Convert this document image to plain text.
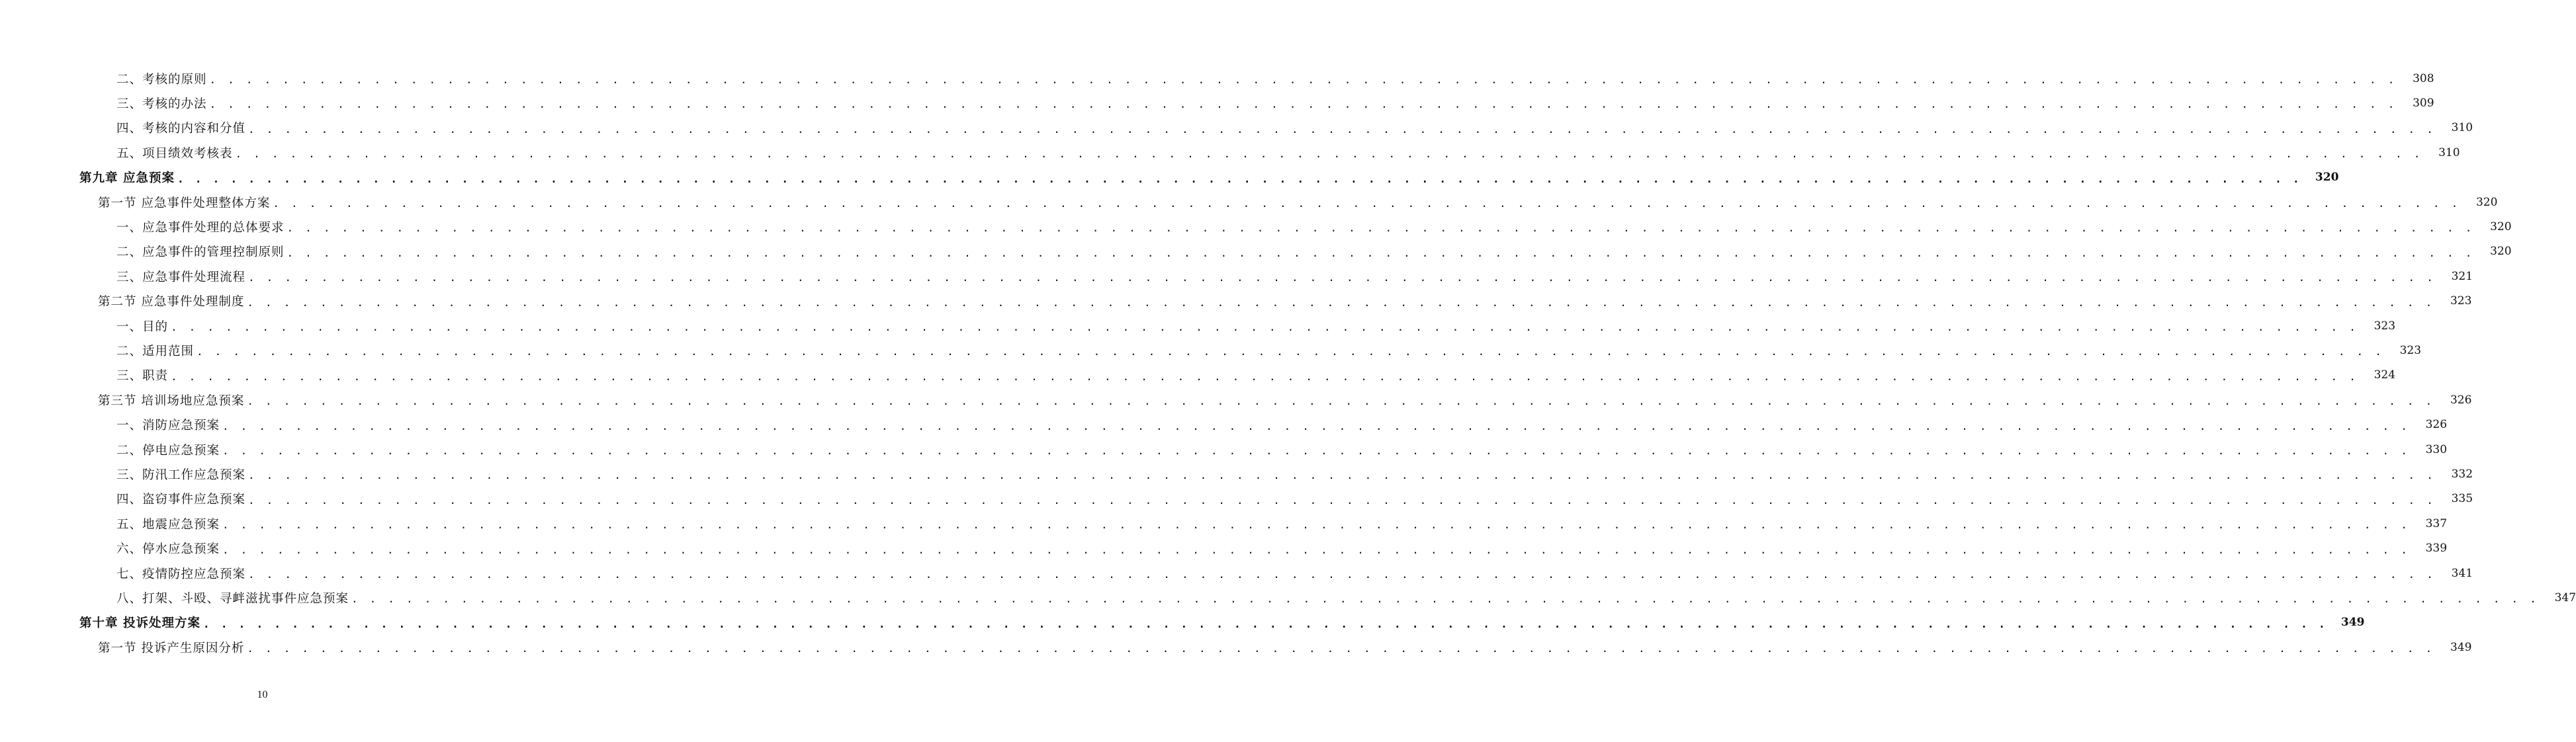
二、考核的原则 . . . . . . . . . . . . . . . . . . . . . . . . . . . . . . . . . . . . . . . . . . . . . . . . . . . . . . . . . . . . . . . . . . . . . . . . . . . . . . . . . . . . . . . . . . . . . . . . . . . . . . . . . . . . . . . . . . . . . . . .	308
三、考核的办法 . . . . . . . . . . . . . . . . . . . . . . . . . . . . . . . . . . . . . . . . . . . . . . . . . . . . . . . . . . . . . . . . . . . . . . . . . . . . . . . . . . . . . . . . . . . . . . . . . . . . . . . . . . . . . . . . . . . . . . . .	309
四、考核的内容和分值 . . . . . . . . . . . . . . . . . . . . . . . . . . . . . . . . . . . . . . . . . . . . . . . . . . . . . . . . . . . . . . . . . . . . . . . . . . . . . . . . . . . . . . . . . . . . . . . . . . . . . . . . . . . . . . . . . . . . . . . .	310
五、项目绩效考核表 . . . . . . . . . . . . . . . . . . . . . . . . . . . . . . . . . . . . . . . . . . . . . . . . . . . . . . . . . . . . . . . . . . . . . . . . . . . . . . . . . . . . . . . . . . . . . . . . . . . . . . . . . . . . . . . . . . . . . . . .	310
第九章 应急预案 . . . . . . . . . . . . . . . . . . . . . . . . . . . . . . . . . . . . . . . . . . . . . . . . . . . . . . . . . . . . . . . . . . . . . . . . . . . . . . . . . . . . . . . . . . . . . . . . . . . . . . . . . . . . . . . . . . . . . . . .	320
第一节 应急事件处理整体方案 . . . . . . . . . . . . . . . . . . . . . . . . . . . . . . . . . . . . . . . . . . . . . . . . . . . . . . . . . . . . . . . . . . . . . . . . . . . . . . . . . . . . . . . . . . . . . . . . . . . . . . . . . . . . . . . . . . . . . . . .	320
一、应急事件处理的总体要求 . . . . . . . . . . . . . . . . . . . . . . . . . . . . . . . . . . . . . . . . . . . . . . . . . . . . . . . . . . . . . . . . . . . . . . . . . . . . . . . . . . . . . . . . . . . . . . . . . . . . . . . . . . . . . . . . . . . . . . . .	320
二、应急事件的管理控制原则 . . . . . . . . . . . . . . . . . . . . . . . . . . . . . . . . . . . . . . . . . . . . . . . . . . . . . . . . . . . . . . . . . . . . . . . . . . . . . . . . . . . . . . . . . . . . . . . . . . . . . . . . . . . . . . . . . . . . . . . .	320
三、应急事件处理流程 . . . . . . . . . . . . . . . . . . . . . . . . . . . . . . . . . . . . . . . . . . . . . . . . . . . . . . . . . . . . . . . . . . . . . . . . . . . . . . . . . . . . . . . . . . . . . . . . . . . . . . . . . . . . . . . . . . . . . . . .	321
第二节 应急事件处理制度 . . . . . . . . . . . . . . . . . . . . . . . . . . . . . . . . . . . . . . . . . . . . . . . . . . . . . . . . . . . . . . . . . . . . . . . . . . . . . . . . . . . . . . . . . . . . . . . . . . . . . . . . . . . . . . . . . . . . . . . .	323
一、目的 . . . . . . . . . . . . . . . . . . . . . . . . . . . . . . . . . . . . . . . . . . . . . . . . . . . . . . . . . . . . . . . . . . . . . . . . . . . . . . . . . . . . . . . . . . . . . . . . . . . . . . . . . . . . . . . . . . . . . . . .	323
二、适用范围 . . . . . . . . . . . . . . . . . . . . . . . . . . . . . . . . . . . . . . . . . . . . . . . . . . . . . . . . . . . . . . . . . . . . . . . . . . . . . . . . . . . . . . . . . . . . . . . . . . . . . . . . . . . . . . . . . . . . . . . .	323
三、职责 . . . . . . . . . . . . . . . . . . . . . . . . . . . . . . . . . . . . . . . . . . . . . . . . . . . . . . . . . . . . . . . . . . . . . . . . . . . . . . . . . . . . . . . . . . . . . . . . . . . . . . . . . . . . . . . . . . . . . . . .	324
第三节 培训场地应急预案 . . . . . . . . . . . . . . . . . . . . . . . . . . . . . . . . . . . . . . . . . . . . . . . . . . . . . . . . . . . . . . . . . . . . . . . . . . . . . . . . . . . . . . . . . . . . . . . . . . . . . . . . . . . . . . . . . . . . . . . .	326
一、消防应急预案 . . . . . . . . . . . . . . . . . . . . . . . . . . . . . . . . . . . . . . . . . . . . . . . . . . . . . . . . . . . . . . . . . . . . . . . . . . . . . . . . . . . . . . . . . . . . . . . . . . . . . . . . . . . . . . . . . . . . . . . .	326
二、停电应急预案 . . . . . . . . . . . . . . . . . . . . . . . . . . . . . . . . . . . . . . . . . . . . . . . . . . . . . . . . . . . . . . . . . . . . . . . . . . . . . . . . . . . . . . . . . . . . . . . . . . . . . . . . . . . . . . . . . . . . . . . .	330
三、防汛工作应急预案 . . . . . . . . . . . . . . . . . . . . . . . . . . . . . . . . . . . . . . . . . . . . . . . . . . . . . . . . . . . . . . . . . . . . . . . . . . . . . . . . . . . . . . . . . . . . . . . . . . . . . . . . . . . . . . . . . . . . . . . .	332
四、盗窃事件应急预案 . . . . . . . . . . . . . . . . . . . . . . . . . . . . . . . . . . . . . . . . . . . . . . . . . . . . . . . . . . . . . . . . . . . . . . . . . . . . . . . . . . . . . . . . . . . . . . . . . . . . . . . . . . . . . . . . . . . . . . . .	335
五、地震应急预案 . . . . . . . . . . . . . . . . . . . . . . . . . . . . . . . . . . . . . . . . . . . . . . . . . . . . . . . . . . . . . . . . . . . . . . . . . . . . . . . . . . . . . . . . . . . . . . . . . . . . . . . . . . . . . . . . . . . . . . . .	337
六、停水应急预案 . . . . . . . . . . . . . . . . . . . . . . . . . . . . . . . . . . . . . . . . . . . . . . . . . . . . . . . . . . . . . . . . . . . . . . . . . . . . . . . . . . . . . . . . . . . . . . . . . . . . . . . . . . . . . . . . . . . . . . . .	339
七、疫情防控应急预案 . . . . . . . . . . . . . . . . . . . . . . . . . . . . . . . . . . . . . . . . . . . . . . . . . . . . . . . . . . . . . . . . . . . . . . . . . . . . . . . . . . . . . . . . . . . . . . . . . . . . . . . . . . . . . . . . . . . . . . . .	341
八、打架、斗殴、寻衅滋扰事件应急预案 . . . . . . . . . . . . . . . . . . . . . . . . . . . . . . . . . . . . . . . . . . . . . . . . . . . . . . . . . . . . . . . . . . . . . . . . . . . . . . . . . . . . . . . . . . . . . . . . . . . . . . . . . . . . . . . . . . . . . . . .	347
第十章 投诉处理方案 . . . . . . . . . . . . . . . . . . . . . . . . . . . . . . . . . . . . . . . . . . . . . . . . . . . . . . . . . . . . . . . . . . . . . . . . . . . . . . . . . . . . . . . . . . . . . . . . . . . . . . . . . . . . . . . . . . . . . . . .	349
第一节 投诉产生原因分析 . . . . . . . . . . . . . . . . . . . . . . . . . . . . . . . . . . . . . . . . . . . . . . . . . . . . . . . . . . . . . . . . . . . . . . . . . . . . . . . . . . . . . . . . . . . . . . . . . . . . . . . . . . . . . . . . . . . . . . . .	349
10
